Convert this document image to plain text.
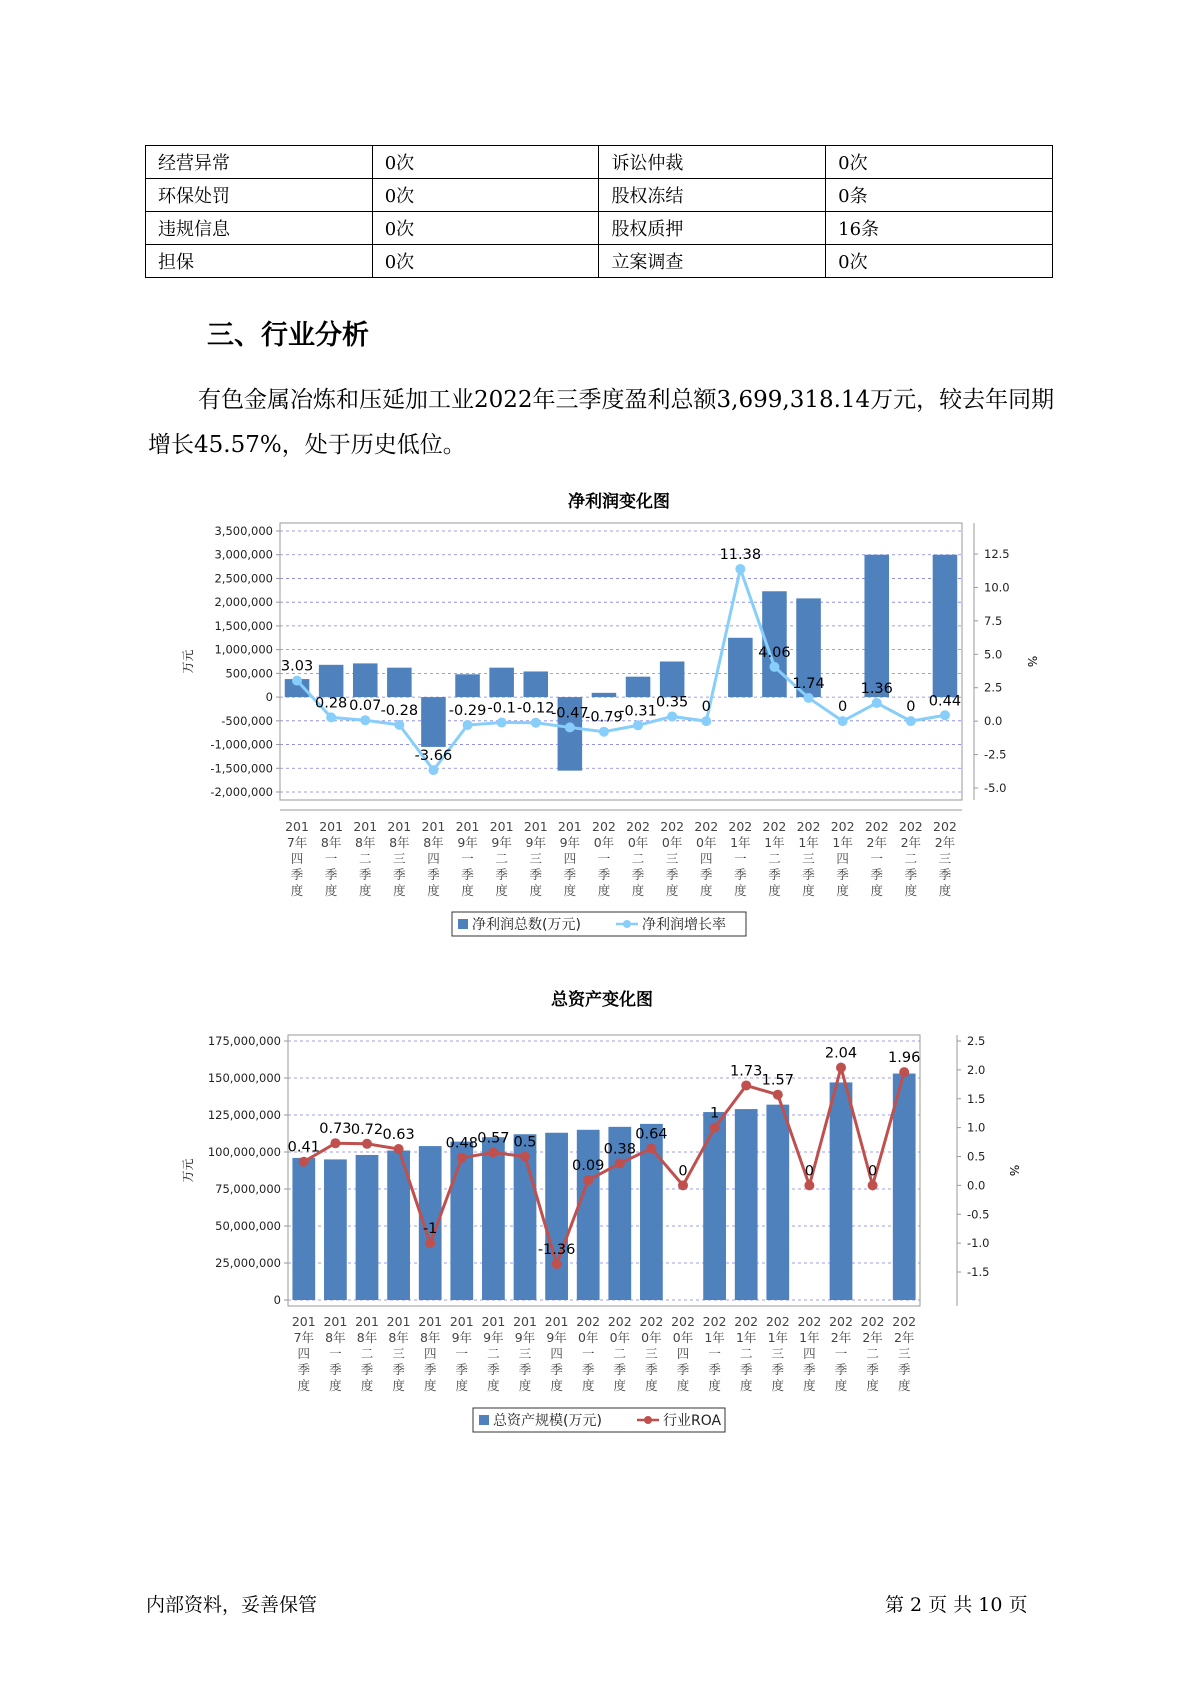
经营异常	0次	诉讼仲裁	0次
环保处罚	0次	股权冻结	0条
违规信息	0次	股权质押	16条
担保	0次	立案调查	0次
三、行业分析
有色金属冶炼和压延加工业2022年三季度盈利总额3,699,318.14万元，较去年同期增长45.57%，处于历史低位。
净利润变化图
3,500,000
3,000,000
2,500,000
2,000,000
1,500,000
1,000,000
500,000
0
-500,000
-1,000,000
-1,500,000
-2,000,000
12.5
10.0
7.5
5.0
2.5
0.0
-2.5
-5.0
万元	%
201 7年四季度
201 8年一季度
201 8年二季度
201 8年三季度
201 8年四季度
201 9年一季度
201 9年二季度
201 9年三季度
201 9年四季度
202 0年一季度
202 0年二季度
202 0年三季度
202 0年四季度
202 1年一季度
202 1年二季度
202 1年三季度
202 1年四季度
202 2年一季度
202 2年二季度
202 2年三季度
3.03
0.28 0.07 -0.28
-3.66
-0.29 -0.1 -0.12
-0.47
-0.79
-0.31
0.35 0
11.38
4.06
1.74
0
1.36
0 0.44
净利润总数(万元)	净利润增长率
总资产变化图
175,000,000
150,000,000
125,000,000
100,000,000
75,000,000
50,000,000
25,000,000
0
2.5
2.0
1.5
1.0
0.5
0.0
-0.5
-1.0
-1.5
万元	%
201 7年四季度
201 8年一季度
201 8年二季度
201 8年三季度
201 8年四季度
201 9年一季度
201 9年二季度
201 9年三季度
201 9年四季度
202 0年一季度
202 0年二季度
202 0年三季度
202 0年四季度
202 1年一季度
202 1年二季度
202 1年三季度
202 1年四季度
202 2年一季度
202 2年二季度
202 2年三季度
0.41
0.73 0.72 0.63
-1
0.48 0.57 0.5
-1.36
0.09
0.38
0.64
0
1
1.73
1.57
0
2.04
0
1.96
总资产规模(万元)	行业ROA
内部资料，妥善保管	第 2 页 共 10 页
